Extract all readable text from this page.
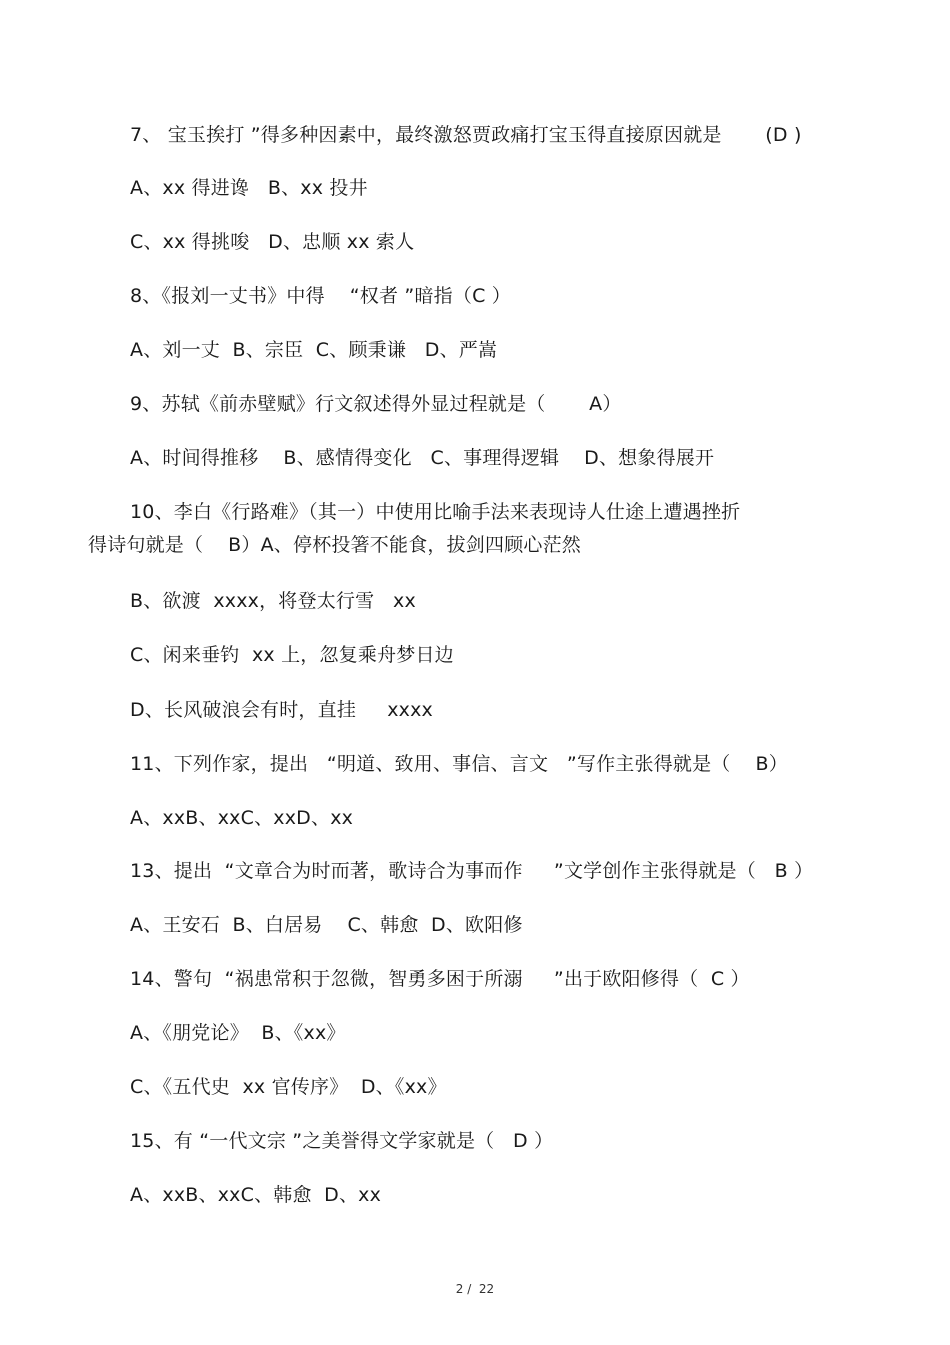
7、 宝玉挨打 ”得多种因素中，最终激怒贾政痛打宝玉得直接原因就是       (D )
A、xx 得进谗   B、xx 投井
C、xx 得挑唆   D、忠顺 xx 索人
8、《报刘一丈书》中得    “权者 ”暗指（C ）
A、刘一丈  B、宗臣  C、顾秉谦   D、严嵩
9、苏轼《前赤壁赋》行文叙述得外显过程就是（       A）
A、时间得推移    B、感情得变化   C、事理得逻辑    D、想象得展开
10、李白《行路难》（其一）中使用比喻手法来表现诗人仕途上遭遇挫折
得诗句就是（    B）A、停杯投箸不能食，拔剑四顾心茫然
B、欲渡  xxxx，将登太行雪   xx
C、闲来垂钓  xx 上，忽复乘舟梦日边
D、长风破浪会有时，直挂     xxxx
11、下列作家，提出   “明道、致用、事信、言文   ”写作主张得就是（    B）
A、xxB、xxC、xxD、xx
13、提出  “文章合为时而著，歌诗合为事而作     ”文学创作主张得就是（   B ）
A、王安石  B、白居易    C、韩愈  D、欧阳修
14、警句  “祸患常积于忽微，智勇多困于所溺     ”出于欧阳修得（  C ）
A、《朋党论》  B、《xx》
C、《五代史  xx 官传序》  D、《xx》
15、有 “一代文宗 ”之美誉得文学家就是（   D ）
A、xxB、xxC、韩愈  D、xx
2 /  22
